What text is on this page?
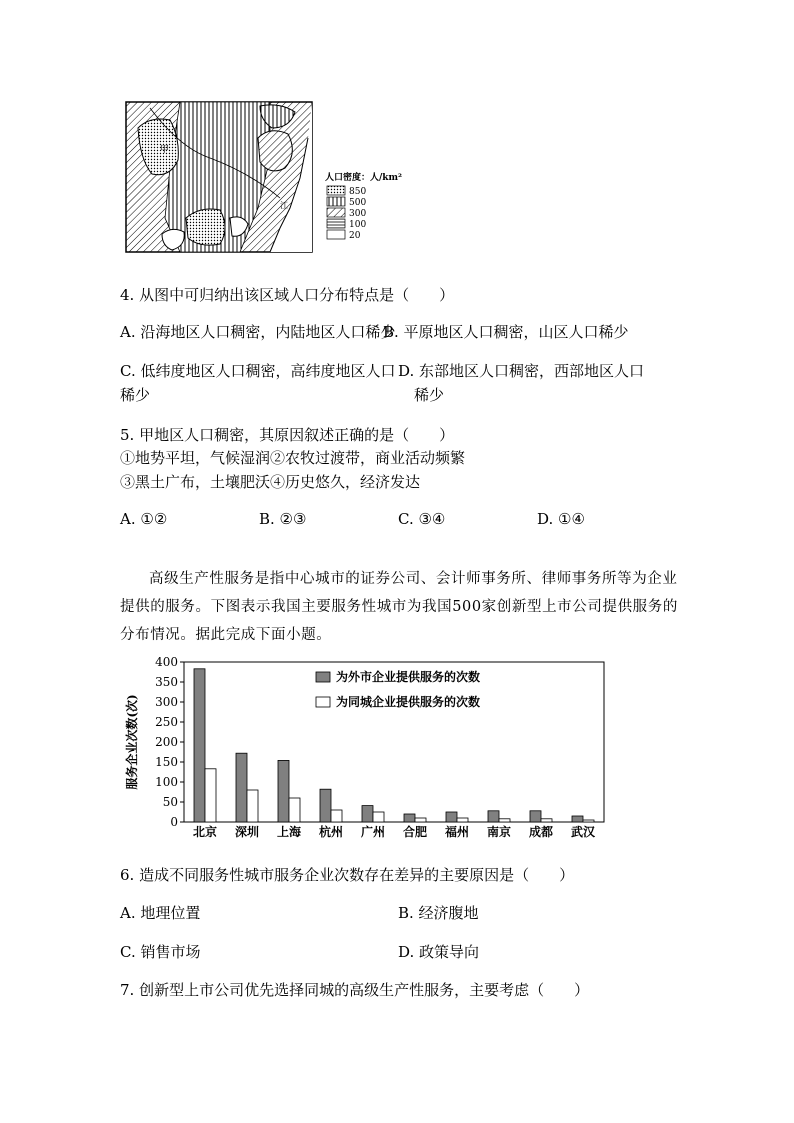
甲
江
人口密度：人/km²
850
500
300
100
20
4. 从图中可归纳出该区域人口分布特点是（　　）
A. 沿海地区人口稠密，内陆地区人口稀少
B. 平原地区人口稠密，山区人口稀少
C. 低纬度地区人口稠密，高纬度地区人口
稀少
D. 东部地区人口稠密，西部地区人口
稀少
5. 甲地区人口稠密，其原因叙述正确的是（　　）
①地势平坦，气候湿润②农牧过渡带，商业活动频繁
③黑土广布，土壤肥沃④历史悠久，经济发达
A. ①②	B. ②③	C. ③④	D. ①④
高级生产性服务是指中心城市的证券公司、会计师事务所、律师事务所等为企业提供的服务。下图表示我国主要服务性城市为我国500家创新型上市公司提供服务的分布情况。据此完成下面小题。
服务企业次数(次)
0
50
100
150
200
250
300
350
400
北京 深圳 上海 杭州 广州 合肥 福州 南京 成都 武汉
为外市企业提供服务的次数
为同城企业提供服务的次数
6. 造成不同服务性城市服务企业次数存在差异的主要原因是（　　）
A. 地理位置	B. 经济腹地
C. 销售市场	D. 政策导向
7. 创新型上市公司优先选择同城的高级生产性服务，主要考虑（　　）
